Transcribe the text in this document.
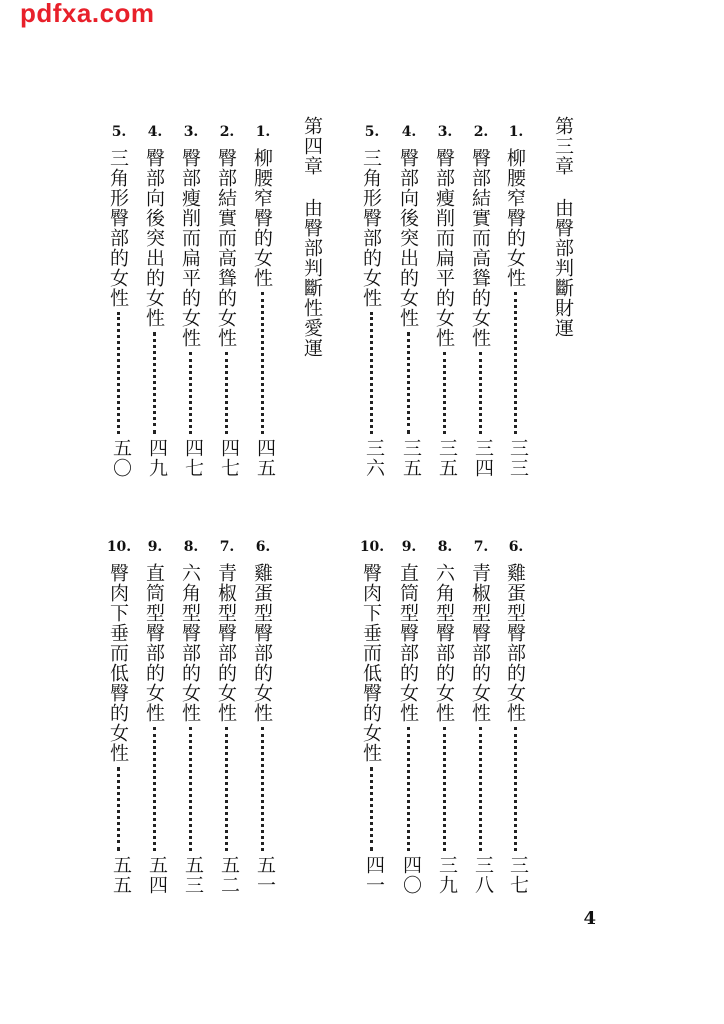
pdfxa.com
第三章由臀部判斷財運
第四章由臀部判斷性愛運
1.
柳腰窄臀的女性
三三
2.
臀部結實而高聳的女性
三四
3.
臀部瘦削而扁平的女性
三五
4.
臀部向後突出的女性
三五
5.
三角形臀部的女性
三六
6.
雞蛋型臀部的女性
三七
7.
青椒型臀部的女性
三八
8.
六角型臀部的女性
三九
9.
直筒型臀部的女性
四〇
10.
臀肉下垂而低臀的女性
四一
1.
柳腰窄臀的女性
四五
2.
臀部結實而高聳的女性
四七
3.
臀部瘦削而扁平的女性
四七
4.
臀部向後突出的女性
四九
5.
三角形臀部的女性
五〇
6.
雞蛋型臀部的女性
五一
7.
青椒型臀部的女性
五二
8.
六角型臀部的女性
五三
9.
直筒型臀部的女性
五四
10.
臀肉下垂而低臀的女性
五五
4
